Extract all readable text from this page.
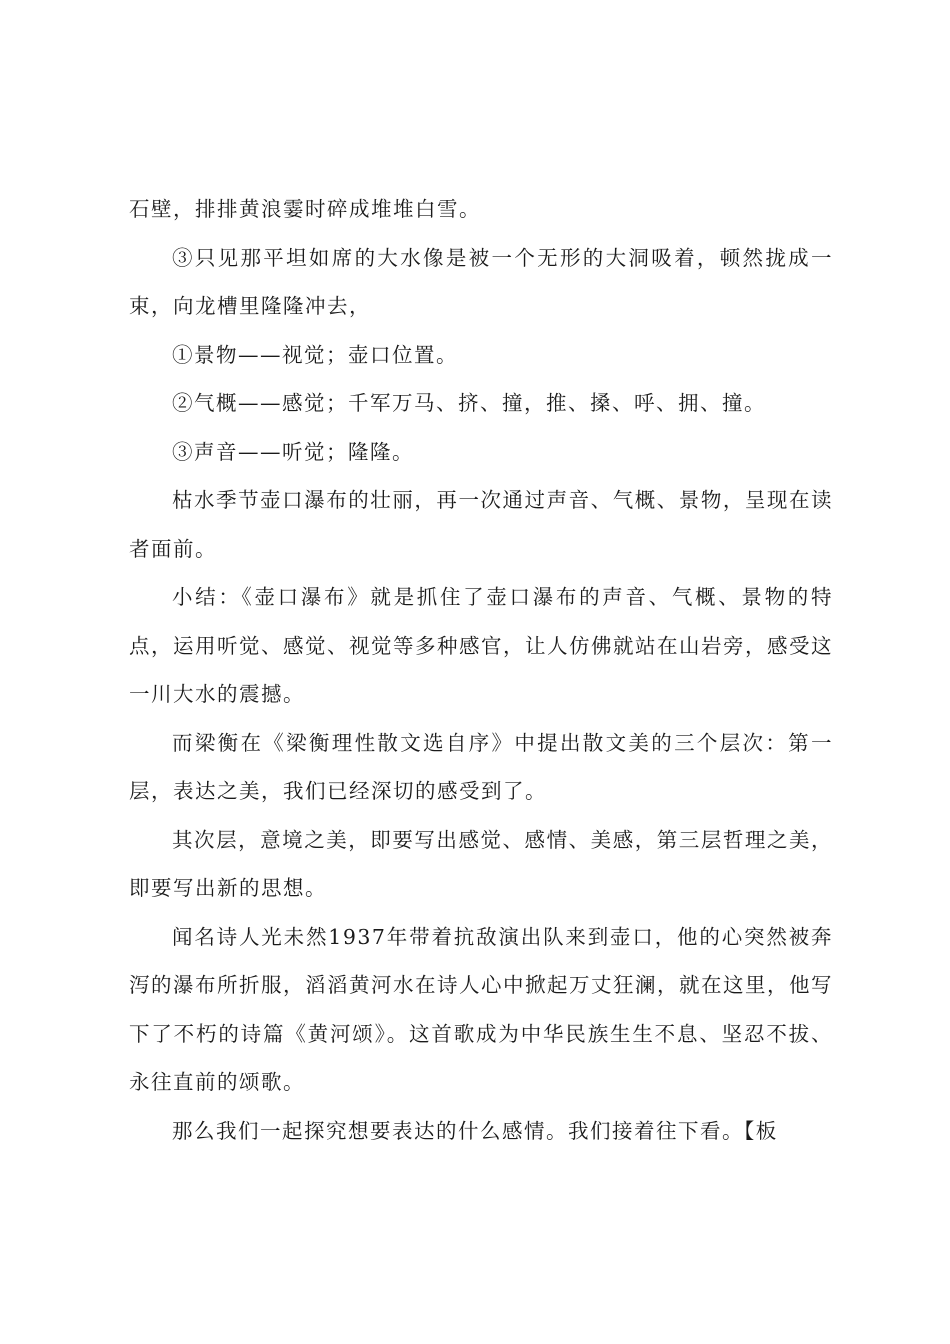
石壁，排排黄浪霎时碎成堆堆白雪。

③只见那平坦如席的大水像是被一个无形的大洞吸着，顿然拢成一束，向龙槽里隆隆冲去，

①景物——视觉；壶口位置。

②气概——感觉；千军万马、挤、撞，推、搡、呼、拥、撞。

③声音——听觉；隆隆。

枯水季节壶口瀑布的壮丽，再一次通过声音、气概、景物，呈现在读者面前。

小结：《壶口瀑布》就是抓住了壶口瀑布的声音、气概、景物的特点，运用听觉、感觉、视觉等多种感官，让人仿佛就站在山岩旁，感受这一川大水的震撼。

而梁衡在《梁衡理性散文选自序》中提出散文美的三个层次：第一层，表达之美，我们已经深切的感受到了。

其次层，意境之美，即要写出感觉、感情、美感，第三层哲理之美，即要写出新的思想。

闻名诗人光未然1937年带着抗敌演出队来到壶口，他的心突然被奔泻的瀑布所折服，滔滔黄河水在诗人心中掀起万丈狂澜，就在这里，他写下了不朽的诗篇《黄河颂》。这首歌成为中华民族生生不息、坚忍不拔、永往直前的颂歌。

那么我们一起探究想要表达的什么感情。我们接着往下看。【板
